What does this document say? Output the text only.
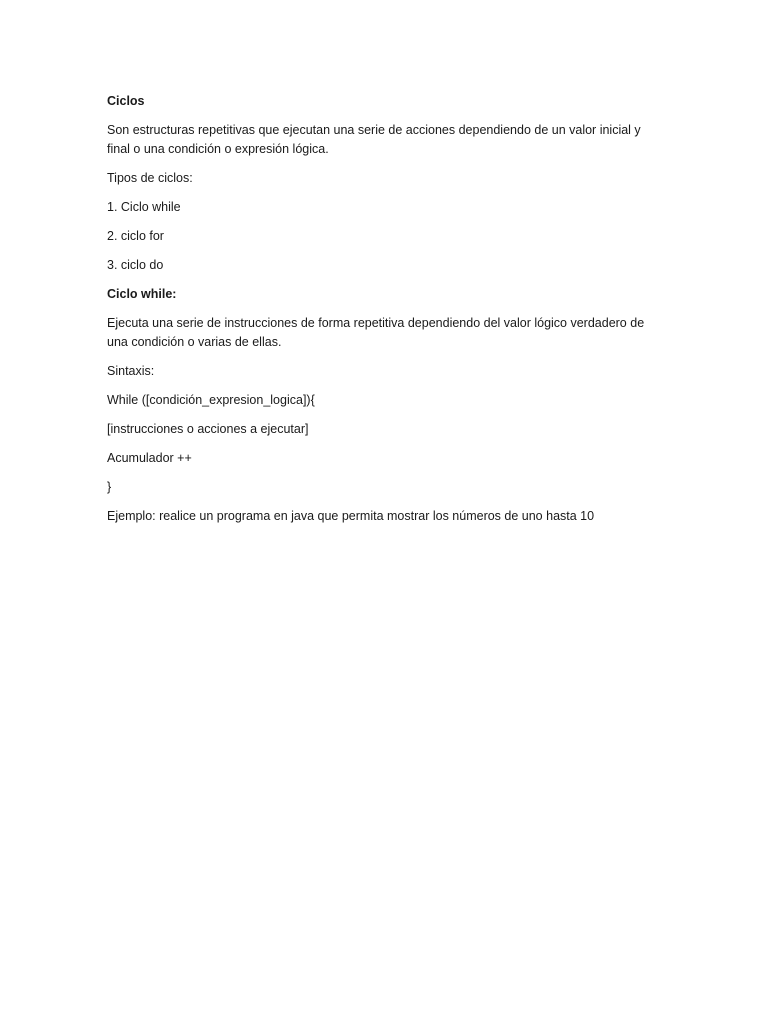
Ciclos

Son estructuras repetitivas que ejecutan una serie de acciones dependiendo de un valor inicial y final o una condición o expresión lógica.

Tipos de ciclos:

1. Ciclo while

2. ciclo for

3. ciclo do

Ciclo while:

Ejecuta una serie de instrucciones de forma repetitiva dependiendo del valor lógico verdadero de una condición o varias de ellas.

Sintaxis:

While ([condición_expresion_logica]){

[instrucciones o acciones a ejecutar]

Acumulador ++

}

Ejemplo: realice un programa en java que permita mostrar los números de uno hasta 10
